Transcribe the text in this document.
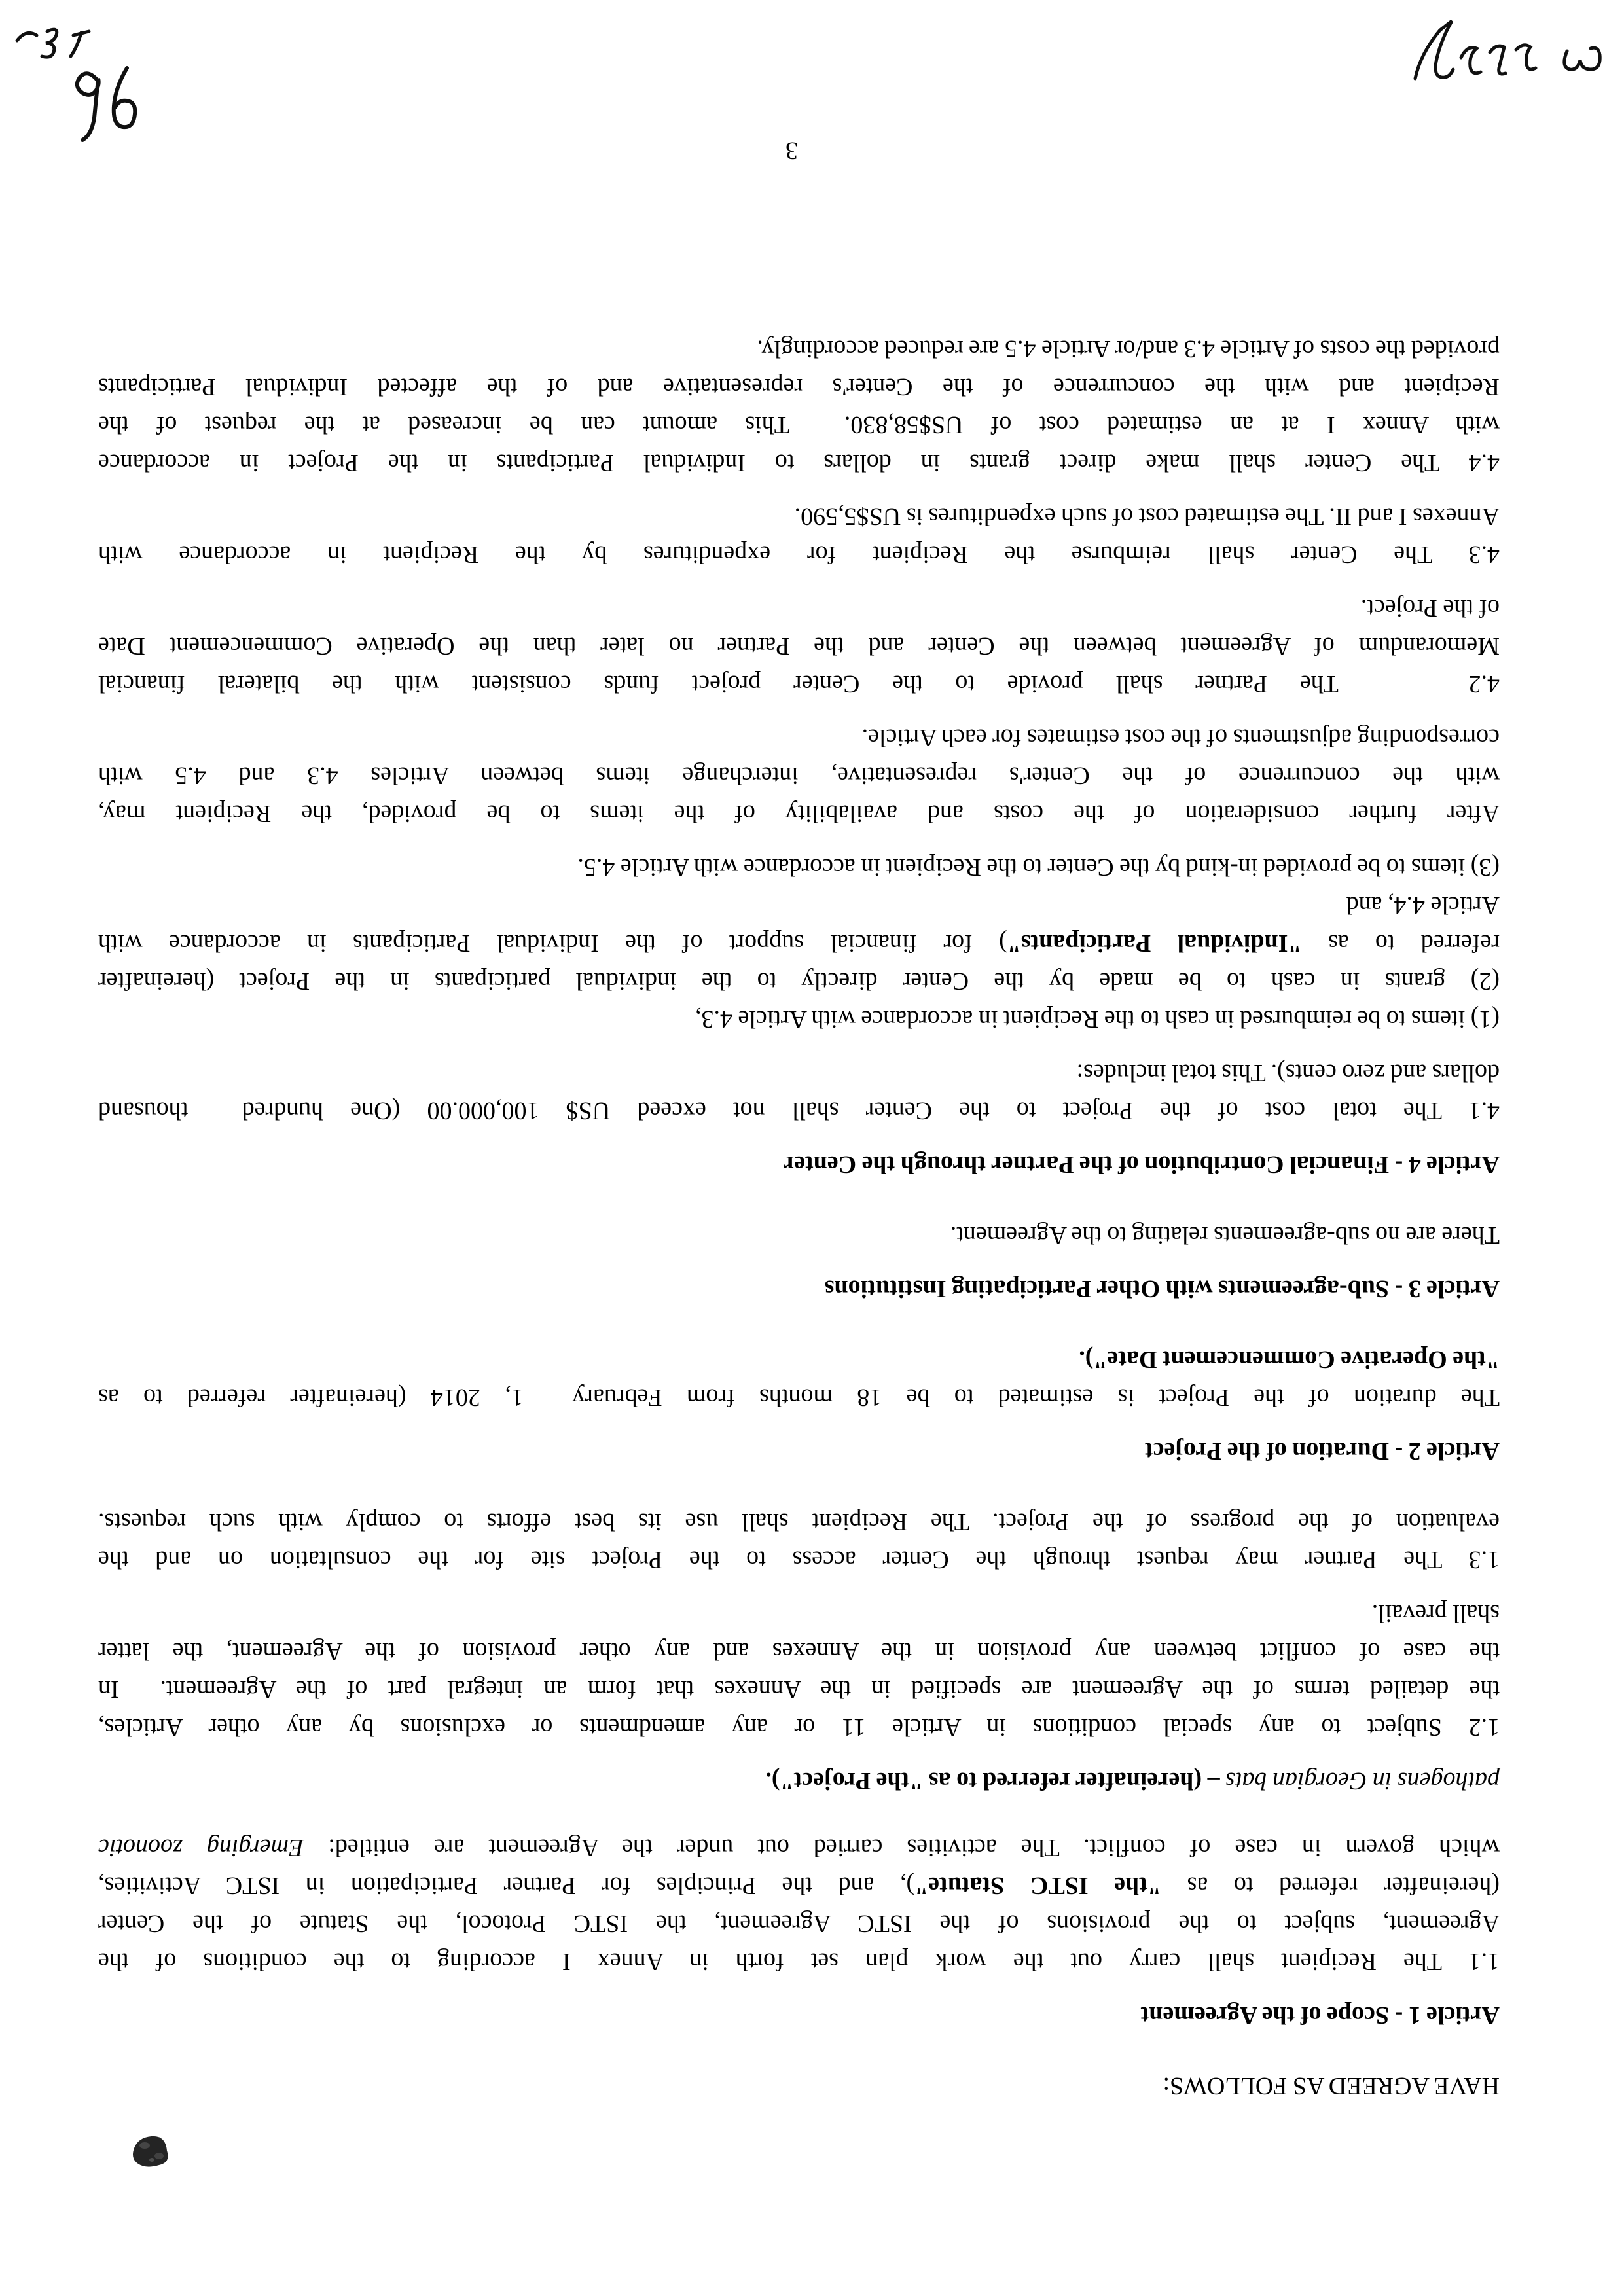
HAVE AGREED AS FOLLOWS:
Article 1 - Scope of the Agreement
1.1 The Recipient shall carry out the work plan set forth in Annex I according to the conditions of the
Agreement, subject to the provisions of the ISTC Agreement, the ISTC Protocol, the Statute of the Center
(hereinafter referred to as "the ISTC Statute"), and the Principles for Partner Participation in ISTC Activities,
which govern in case of conflict. The activities carried out under the Agreement are entitled: Emerging zoonotic
pathogens in Georgian bats – (hereinafter referred to as "the Project").
1.2 Subject to any special conditions in Article 11 or any amendments or exclusions by any other Articles,
the detailed terms of the Agreement are specified in the Annexes that form an integral part of the Agreement.  In
the case of conflict between any provision in the Annexes and any other provision of the Agreement, the latter
shall prevail.
1.3 The Partner may request through the Center access to the Project site for the consultation on and the
evaluation of the progress of the Project. The Recipient shall use its best efforts to comply with such requests.
Article 2 - Duration of the Project
The duration of the Project is estimated to be 18 months from February  1, 2014 (hereinafter referred to as
"the Operative Commencement Date").
Article 3 - Sub-agreements with Other Participating Institutions
There are no sub-agreements relating to the Agreement.
Article 4 - Financial Contribution of the Partner through the Center
4.1 The total cost of the Project to the Center shall not exceed US$ 100,000.00 (One hundred  thousand
dollars and zero cents). This total includes:
(1) items to be reimbursed in cash to the Recipient in accordance with Article 4.3,
(2) grants in cash to be made by the Center directly to the individual participants in the Project (hereinafter
referred to as "Individual Participants") for financial support of the Individual Participants in accordance with
Article 4.4, and
(3) items to be provided in-kind by the Center to the Recipient in accordance with Article 4.5.
After further consideration of the costs and availability of the items to be provided, the Recipient may,
with the concurrence of the Center's representative, interchange items between Articles 4.3 and 4.5 with
corresponding adjustments of the cost estimates for each Article.
4.2    The Partner shall provide to the Center project funds consistent with the bilateral financial
Memorandum of Agreement between the Center and the Partner no later than the Operative Commencement Date
of the Project.
4.3 The Center shall reimburse the Recipient for expenditures by the Recipient in accordance with
Annexes I and II. The estimated cost of such expenditures is US$5,590.
4.4 The Center shall make direct grants in dollars to Individual Participants in the Project in accordance
with Annex I at an estimated cost of US$58,830.  This amount can be increased at the request of the
Recipient and with the concurrence of the Center's representative and of the affected Individual Participants
provided the costs of Article 4.3 and/or Article 4.5 are reduced accordingly.
3
